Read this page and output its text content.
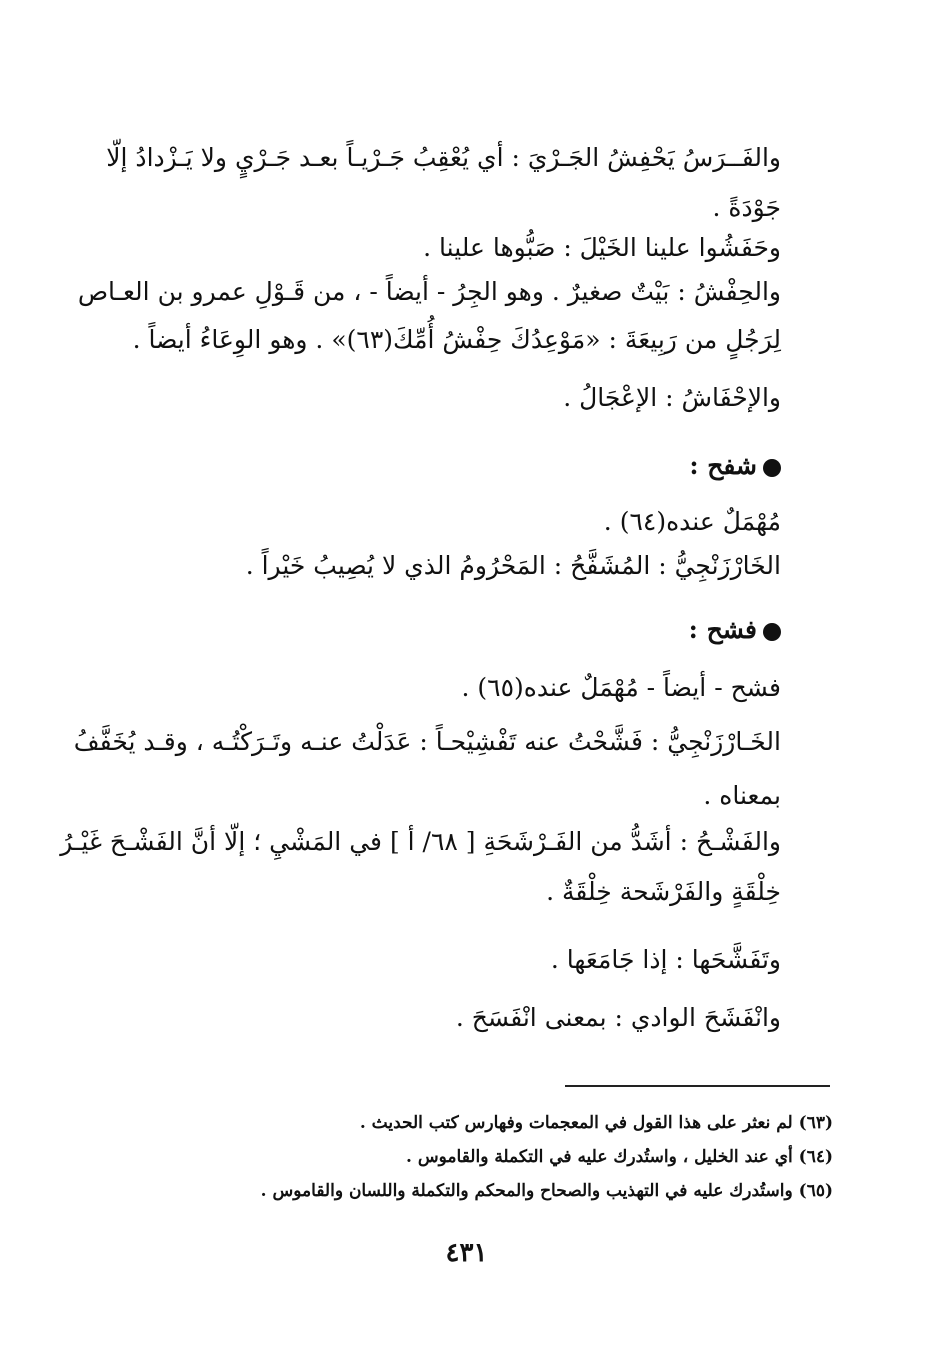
والفَــرَسُ يَحْفِشُ الجَـرْيَ : أي يُعْقِبُ جَـرْيـاً بعـد جَـرْيٍ ولا يَـزْدادُ إلّا
جَوْدَةً .
وحَفَشُوا علينا الخَيْلَ : صَبُّوها علينا .
والحِفْشُ : بَيْتٌ صغيرٌ . وهو الجِرُ - أيضاً - ، من قَـوْلِ عمرو بن العـاص
لِرَجُلٍ من رَبِيعَةَ : «مَوْعِدُكَ حِفْشُ أُمِّكَ(٦٣)» . وهو الوِعَاءُ أيضاً .
والإحْفَاشُ : الإعْجَالُ .
شفح :
مُهْمَلٌ عنده(٦٤) .
الخَارْزَنْجِيُّ : المُشَفَّحُ : المَحْرُومُ الذي لا يُصِيبُ خَيْراً .
فشح :
فشح - أيضاً - مُهْمَلٌ عنده(٦٥) .
الخَـارْزَنْجِيُّ : فَشَّحْتُ عنه تَفْشِيْحـاً : عَدَلْتُ عنـه وتَـرَكْتُـه ، وقـد يُخَفَّفُ
بمعناه .
والفَشْـحُ : أشَدُّ من الفَـرْشَحَةِ [ ٦٨/ أ ] في المَشْيِ ؛ إلّا أنَّ الفَشْـحَ غَيْـرُ
خِلْقَةٍ والفَرْشَحة خِلْقَةٌ .
وتَفَشَّحَها : إذا جَامَعَها .
وانْفَشَحَ الوادي : بمعنى انْفَسَحَ .
(٦٣) لم نعثر على هذا القول في المعجمات وفهارس كتب الحديث .
(٦٤) أي عند الخليل ، واستُدرك عليه في التكملة والقاموس .
(٦٥) واستُدرك عليه في التهذيب والصحاح والمحكم والتكملة واللسان والقاموس .
٤٣١
